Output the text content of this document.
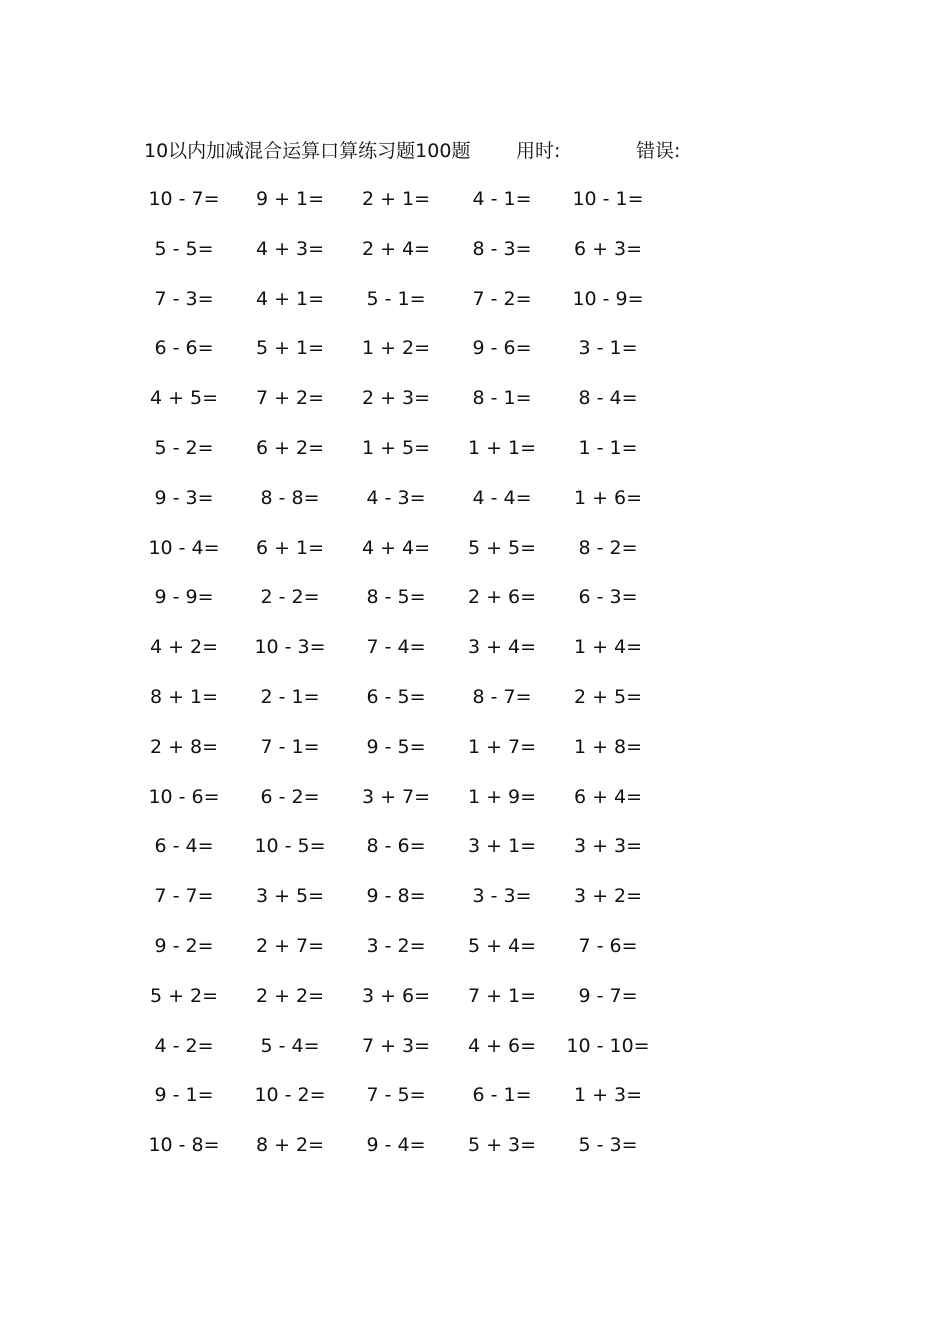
10以内加减混合运算口算练习题100题 用时:	错误:
10 - 7=	9 + 1=	2 + 1=	4 - 1=	10 - 1=
5 - 5=	4 + 3=	2 + 4=	8 - 3=	6 + 3=
7 - 3=	4 + 1=	5 - 1=	7 - 2=	10 - 9=
6 - 6=	5 + 1=	1 + 2=	9 - 6=	3 - 1=
4 + 5=	7 + 2=	2 + 3=	8 - 1=	8 - 4=
5 - 2=	6 + 2=	1 + 5=	1 + 1=	1 - 1=
9 - 3=	8 - 8=	4 - 3=	4 - 4=	1 + 6=
10 - 4=	6 + 1=	4 + 4=	5 + 5=	8 - 2=
9 - 9=	2 - 2=	8 - 5=	2 + 6=	6 - 3=
4 + 2=	10 - 3=	7 - 4=	3 + 4=	1 + 4=
8 + 1=	2 - 1=	6 - 5=	8 - 7=	2 + 5=
2 + 8=	7 - 1=	9 - 5=	1 + 7=	1 + 8=
10 - 6=	6 - 2=	3 + 7=	1 + 9=	6 + 4=
6 - 4=	10 - 5=	8 - 6=	3 + 1=	3 + 3=
7 - 7=	3 + 5=	9 - 8=	3 - 3=	3 + 2=
9 - 2=	2 + 7=	3 - 2=	5 + 4=	7 - 6=
5 + 2=	2 + 2=	3 + 6=	7 + 1=	9 - 7=
4 - 2=	5 - 4=	7 + 3=	4 + 6=	10 - 10=
9 - 1=	10 - 2=	7 - 5=	6 - 1=	1 + 3=
10 - 8=	8 + 2=	9 - 4=	5 + 3=	5 - 3=
